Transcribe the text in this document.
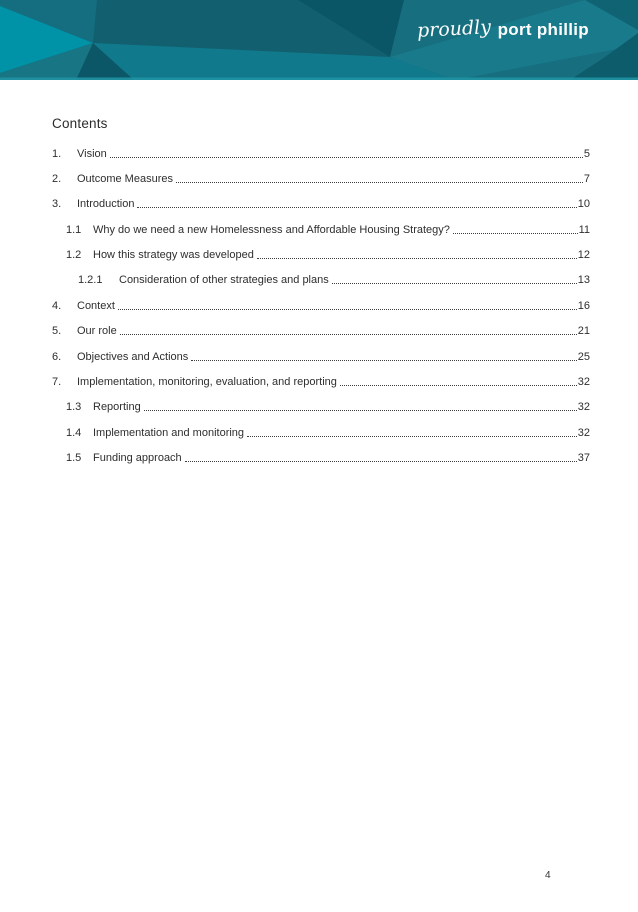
proudly port phillip
Contents
1.	Vision	5
2.	Outcome Measures	7
3.	Introduction	10
1.1	Why do we need a new Homelessness and Affordable Housing Strategy?	11
1.2	How this strategy was developed	12
1.2.1	Consideration of other strategies and plans	13
4.	Context	16
5.	Our role	21
6.	Objectives and Actions	25
7.	Implementation, monitoring, evaluation, and reporting	32
1.3	Reporting	32
1.4	Implementation and monitoring	32
1.5	Funding approach	37
4
